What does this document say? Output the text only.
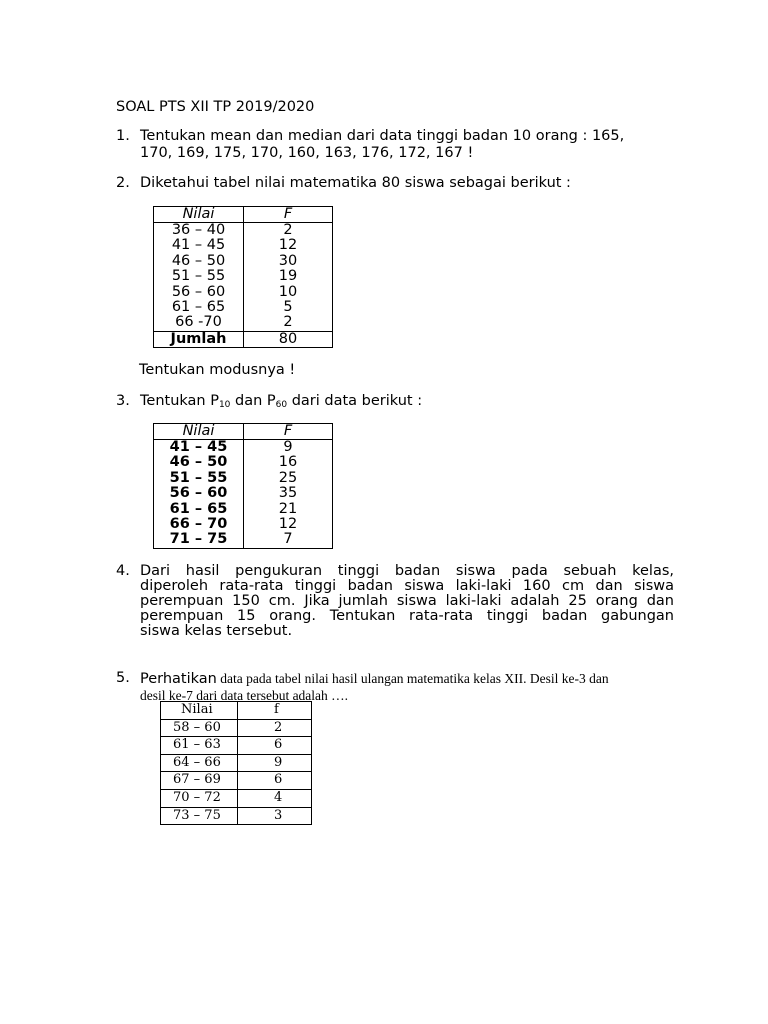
SOAL PTS XII TP 2019/2020
1. Tentukan mean dan median dari data tinggi badan 10 orang : 165,
170, 169, 175, 170, 160, 163, 176, 172, 167 !
2. Diketahui tabel nilai matematika 80 siswa sebagai berikut :
Nilai	F
36 – 40	2
41 – 45	12
46 – 50	30
51 – 55	19
56 – 60	10
61 – 65	5
66 -70	2
Jumlah	80
Tentukan modusnya !
3. Tentukan $P_{10}$ dan $P_{60}$ dari data berikut :
Nilai	F
41 – 45	9
46 – 50	16
51 – 55	25
56 – 60	35
61 – 65	21
66 – 70	12
71 – 75	7
4. Dari hasil pengukuran tinggi badan siswa pada sebuah kelas,
diperoleh rata-rata tinggi badan siswa laki-laki 160 cm dan siswa
perempuan 150 cm. Jika jumlah siswa laki-laki adalah 25 orang dan
perempuan 15 orang. Tentukan rata-rata tinggi badan gabungan
siswa kelas tersebut.
5. Perhatikan data pada tabel nilai hasil ulangan matematika kelas XII. Desil ke-3 dan
desil ke-7 dari data tersebut adalah ….
Nilai	f
58 – 60	2
61 – 63	6
64 – 66	9
67 – 69	6
70 – 72	4
73 – 75	3
